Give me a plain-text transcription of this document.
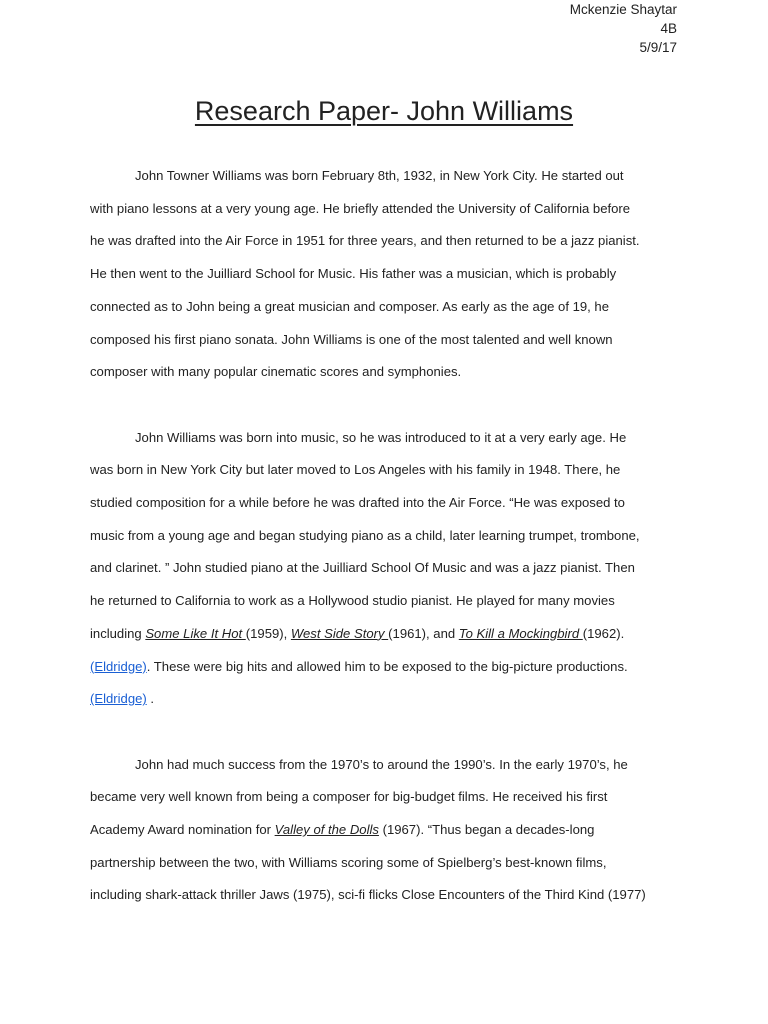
Mckenzie Shaytar
4B
5/9/17
Research Paper- John Williams

John Towner Williams was born February 8th, 1932, in New York City. He started out
with piano lessons at a very young age. He briefly attended the University of California before
he was drafted into the Air Force in 1951 for three years, and then returned to be a jazz pianist.
He then went to the Juilliard School for Music. His father was a musician, which is probably
connected as to John being a great musician and composer. As early as the age of 19, he
composed his first piano sonata. John Williams is one of the most talented and well known
composer with many popular cinematic scores and symphonies.

John Williams was born into music, so he was introduced to it at a very early age. He
was born in New York City but later moved to Los Angeles with his family in 1948. There, he
studied composition for a while before he was drafted into the Air Force. “He was exposed to
music from a young age and began studying piano as a child, later learning trumpet, trombone,
and clarinet. ” John studied piano at the Juilliard School Of Music and was a jazz pianist. Then
he returned to California to work as a Hollywood studio pianist. He played for many movies
including Some Like It Hot (1959), West Side Story (1961), and To Kill a Mockingbird (1962).
(Eldridge). These were big hits and allowed him to be exposed to the big-picture productions.
(Eldridge) .

John had much success from the 1970’s to around the 1990’s. In the early 1970’s, he
became very well known from being a composer for big-budget films. He received his first
Academy Award nomination for Valley of the Dolls (1967). “Thus began a decades-long
partnership between the two, with Williams scoring some of Spielberg’s best-known films,
including shark-attack thriller Jaws (1975), sci-fi flicks Close Encounters of the Third Kind (1977)
